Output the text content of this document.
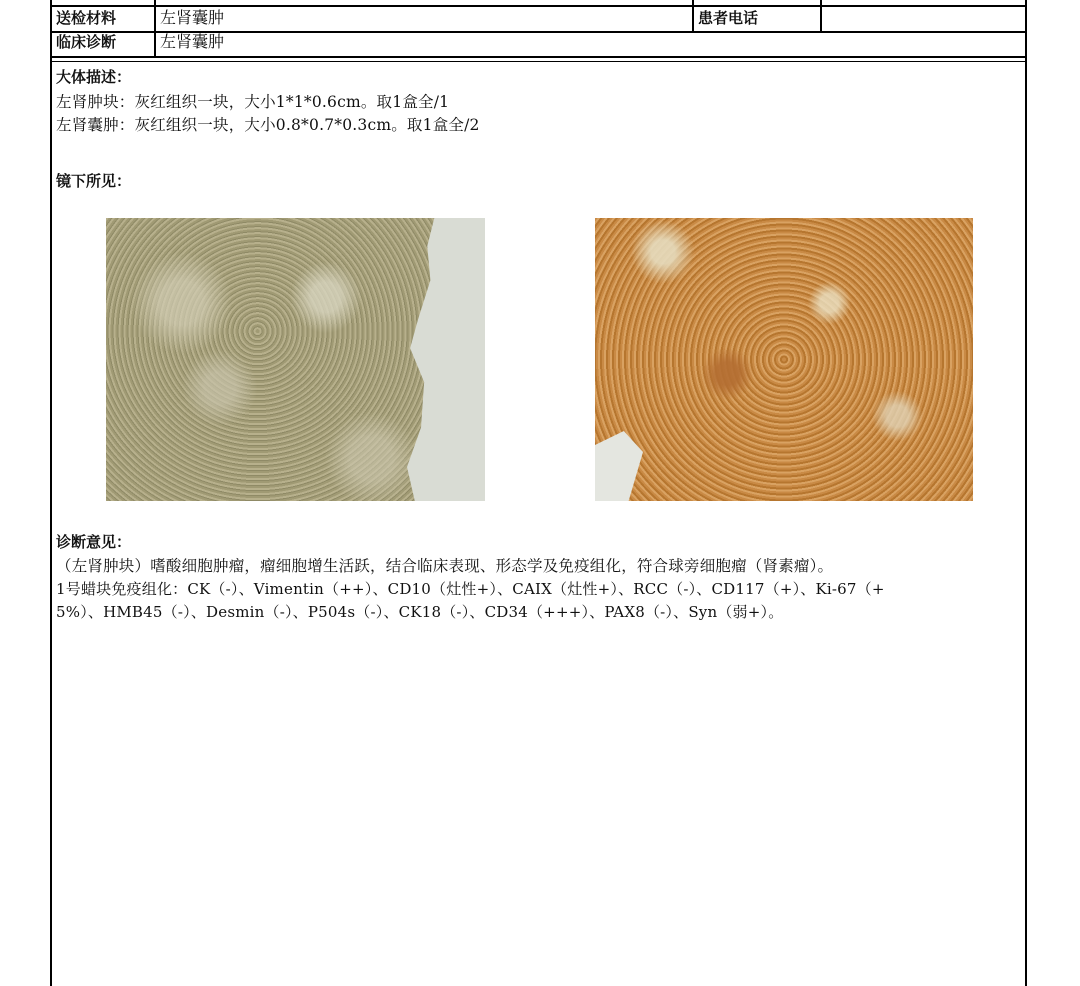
送检材料	左肾囊肿	患者电话
临床诊断	左肾囊肿
大体描述：
左肾肿块：灰红组织一块，大小1*1*0.6cm。取1盒全/1
左肾囊肿：灰红组织一块，大小0.8*0.7*0.3cm。取1盒全/2
镜下所见：
诊断意见：
（左肾肿块）嗜酸细胞肿瘤，瘤细胞增生活跃，结合临床表现、形态学及免疫组化，符合球旁细胞瘤（肾素瘤）。
1号蜡块免疫组化：CK（-）、Vimentin（++）、CD10（灶性+）、CAIX（灶性+）、RCC（-）、CD117（+）、Ki-67（+
5%）、HMB45（-）、Desmin（-）、P504s（-）、CK18（-）、CD34（+++）、PAX8（-）、Syn（弱+）。
